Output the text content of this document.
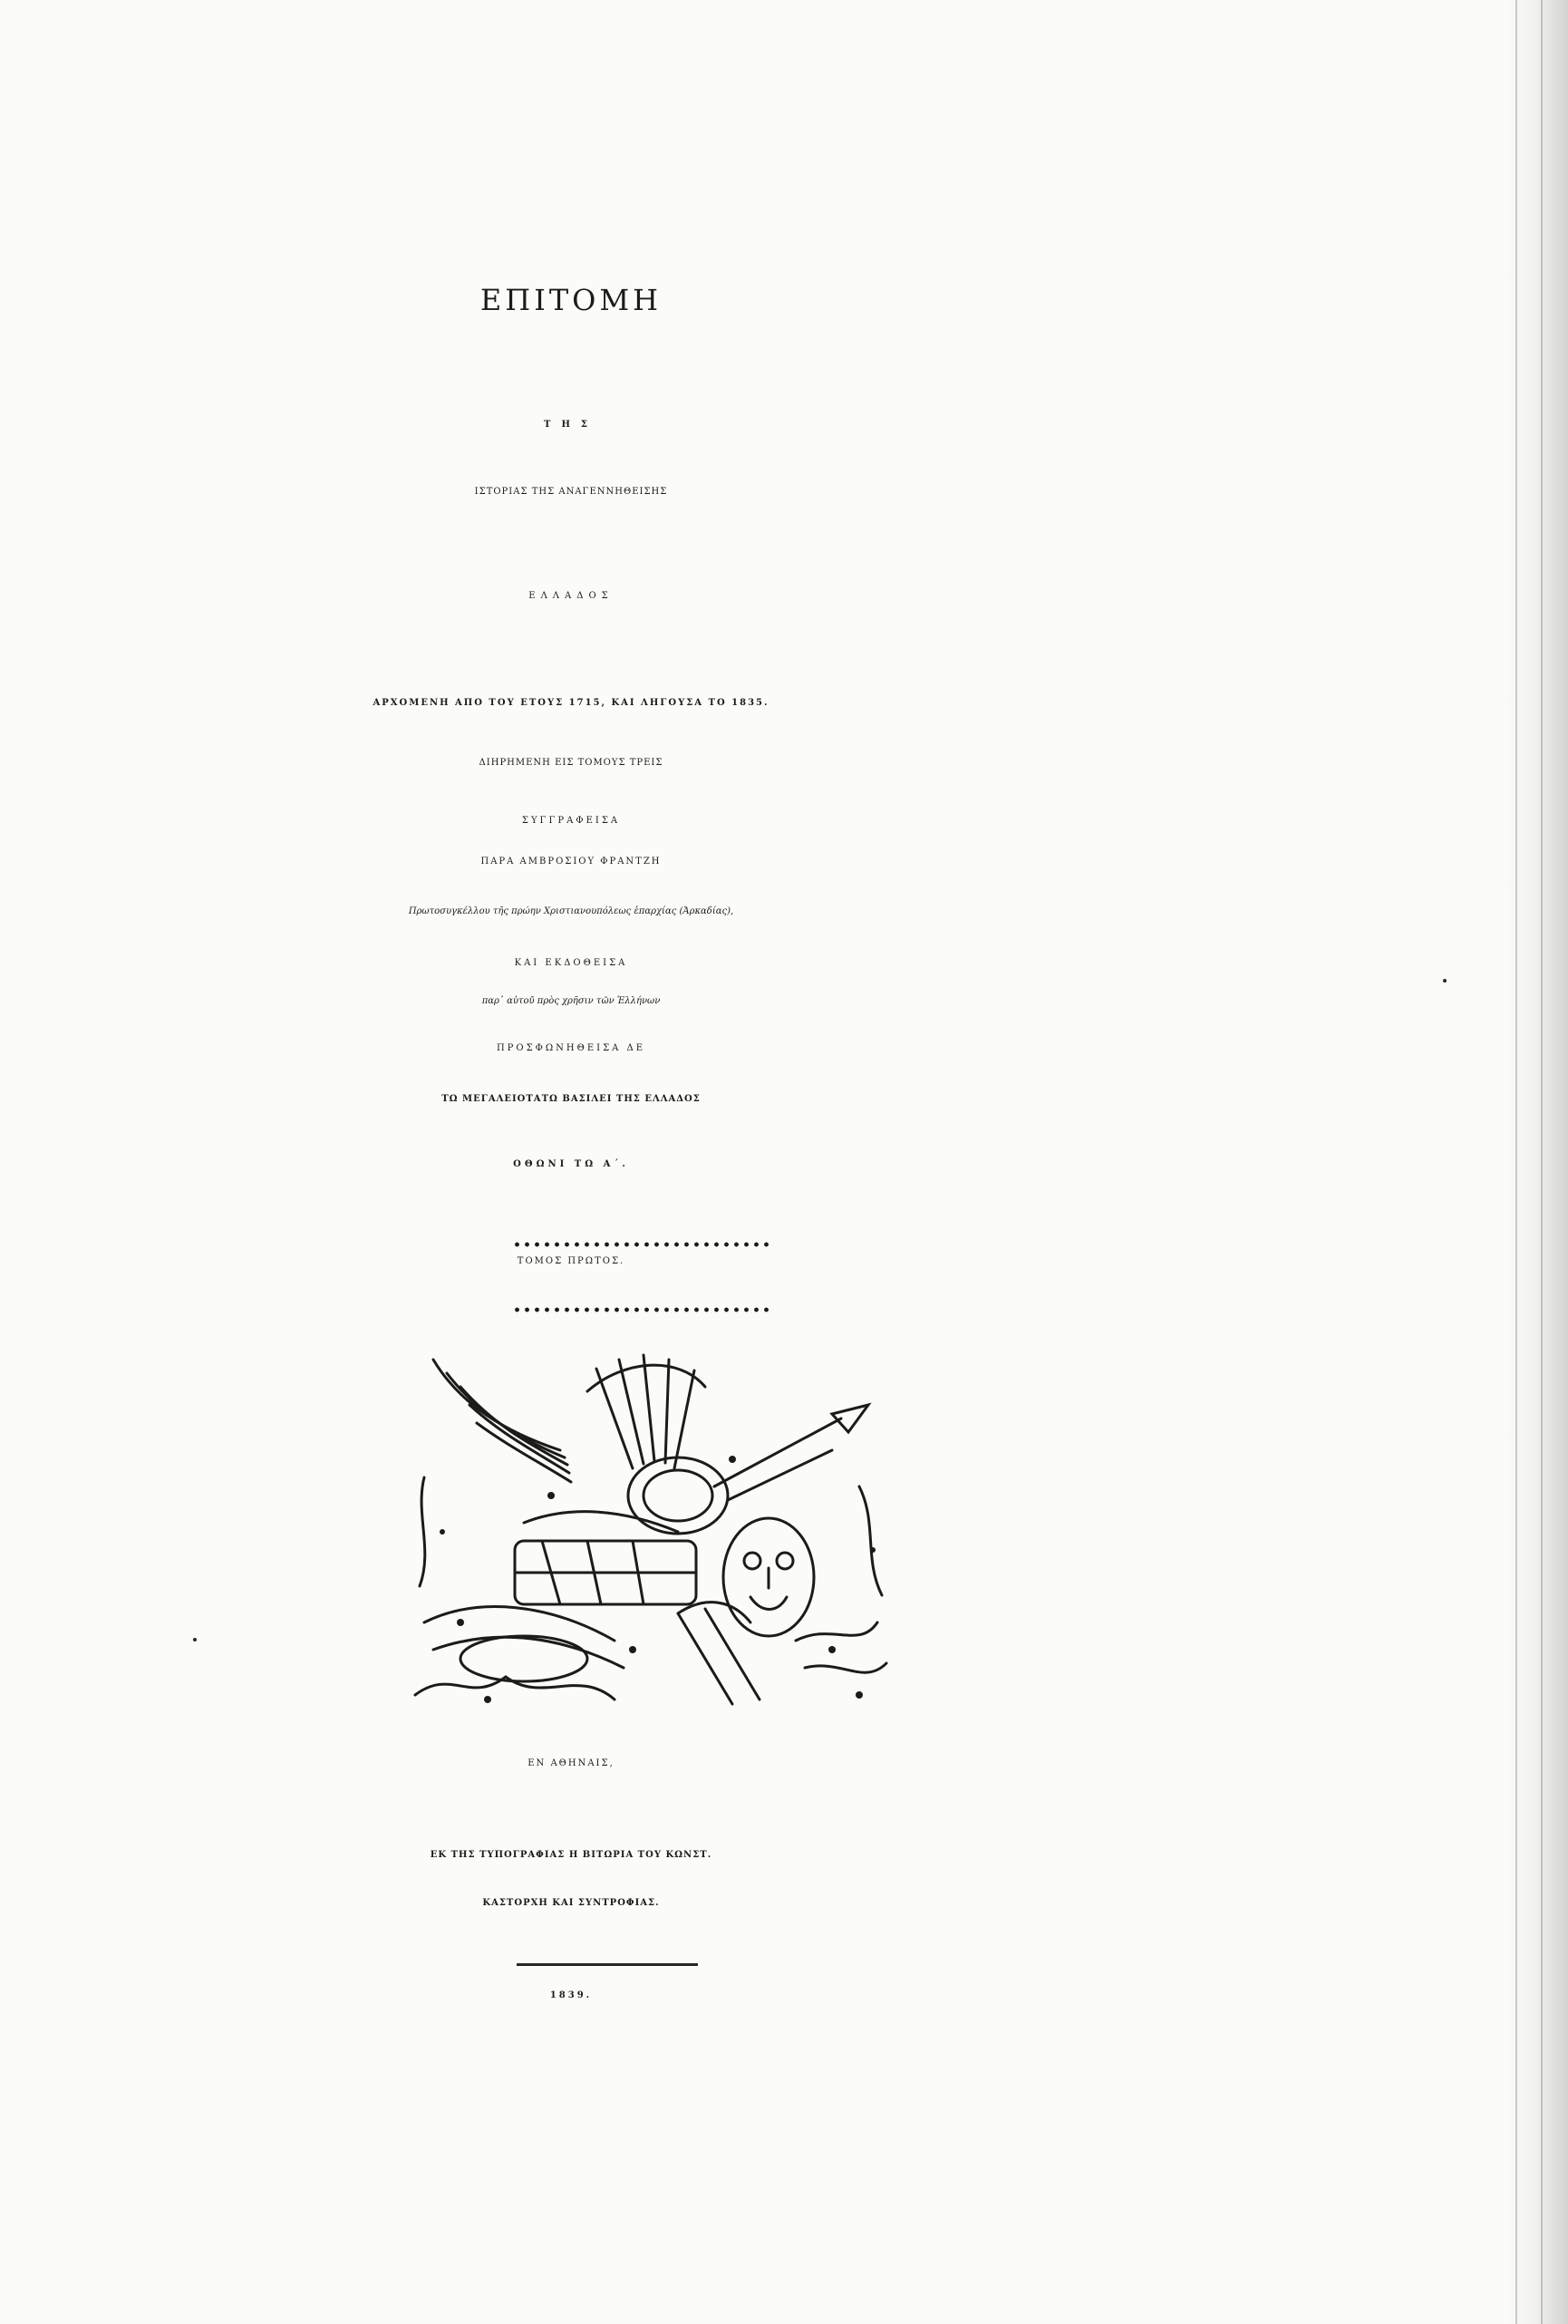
ΕΠΙΤΟΜΗ
ΤΗΣ
ΙΣΤΟΡΙΑΣ ΤΗΣ ΑΝΑΓΕΝΝΗΘΕΙΣΗΣ
ΕΛΛΑΔΟΣ
ΑΡΧΟΜΕΝΗ ΑΠΟ ΤΟΥ ΕΤΟΥΣ 1715, ΚΑΙ ΛΗΓΟΥΣΑ ΤΟ 1835.
ΔΙΗΡΗΜΕΝΗ ΕΙΣ ΤΟΜΟΥΣ ΤΡΕΙΣ
ΣΥΓΓΡΑΦΕΙΣΑ
ΠΑΡΑ ΑΜΒΡΟΣΙΟΥ ΦΡΑΝΤΖΗ
Πρωτοσυγκέλλου τῆς πρώην Χριστιανουπόλεως ἐπαρχίας (Ἀρκαδίας),
ΚΑΙ ΕΚΔΟΘΕΙΣΑ
παρ᾽ αὐτοῦ πρὸς χρῆσιν τῶν Ἑλλήνων
ΠΡΟΣΦΩΝΗΘΕΙΣΑ ΔΕ
ΤΩ ΜΕΓΑΛΕΙΟΤΑΤΩ ΒΑΣΙΛΕΙ ΤΗΣ ΕΛΛΑΔΟΣ
ΟΘΩΝΙ ΤΩ Α΄.
ΤΟΜΟΣ ΠΡΩΤΟΣ.
ΕΝ ΑΘΗΝΑΙΣ,
ΕΚ ΤΗΣ ΤΥΠΟΓΡΑΦΙΑΣ Η ΒΙΤΩΡΙΑ ΤΟΥ ΚΩΝΣΤ.
ΚΑΣΤΟΡΧΗ ΚΑΙ ΣΥΝΤΡΟΦΙΑΣ.
1839.
